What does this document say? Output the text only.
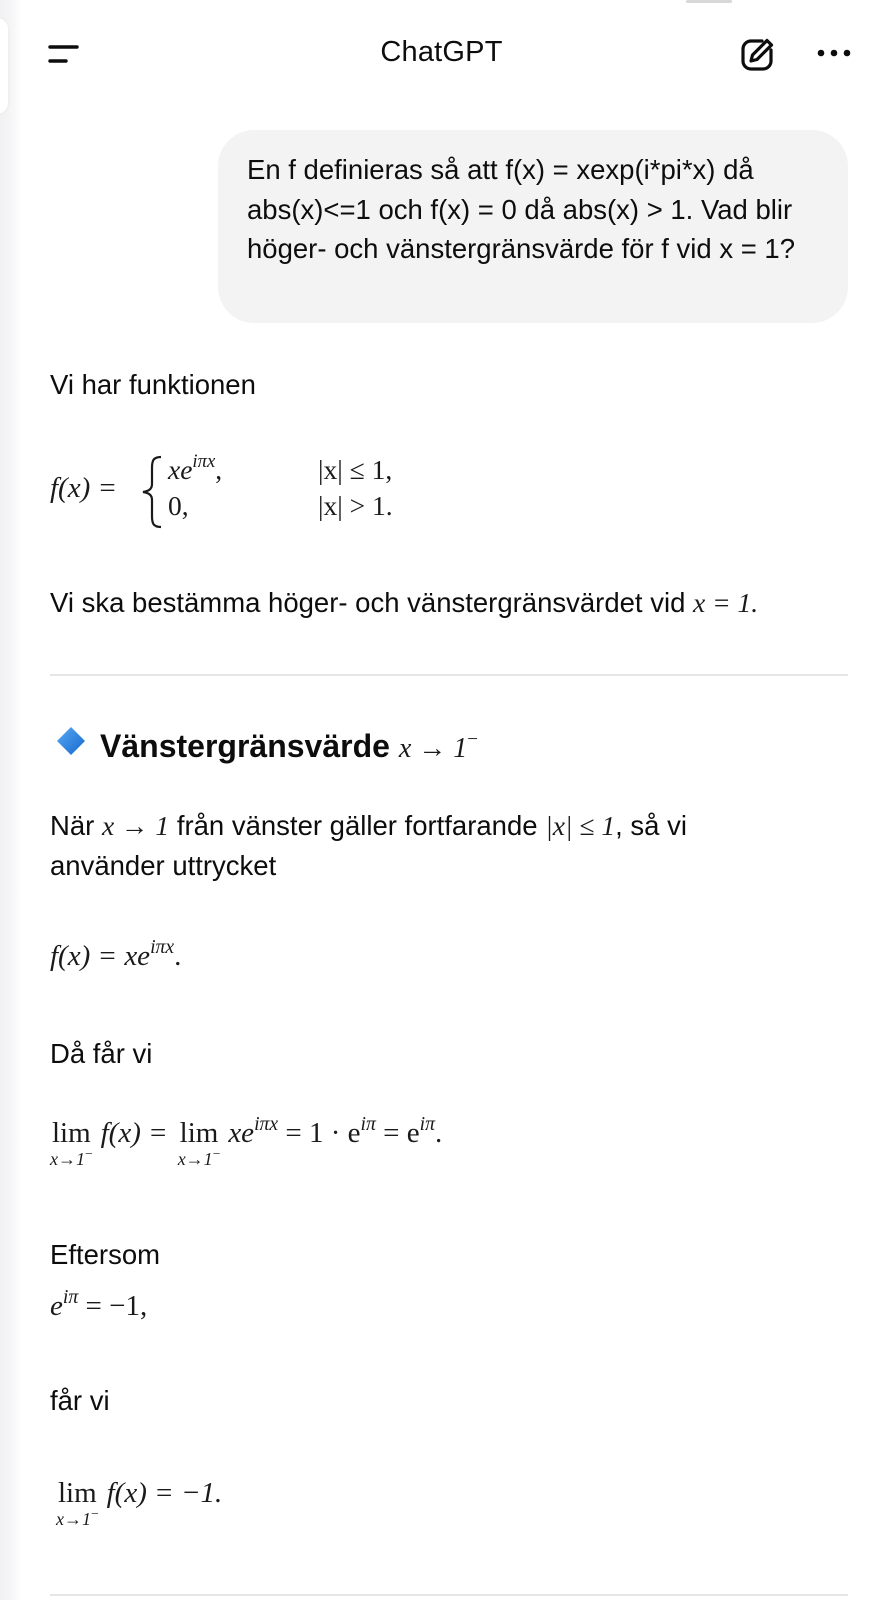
ChatGPT
En f definieras så att f(x) = xexp(i*pi*x) då abs(x)<=1 och f(x) = 0 då abs(x) > 1. Vad blir höger- och vänstergränsvärde för f vid x = 1?
Vi har funktionen
f(x) =
$xe^{i\pi x}$,	|x| ≤ 1,
0,	|x| > 1.
Vi ska bestämma höger- och vänstergränsvärdet vid x = 1.
Vänstergränsvärde x → 1−
När x → 1 från vänster gäller fortfarande |x| ≤ 1, så vi
använder uttrycket
$f(x) = xe^{i\pi x}$.
Då får vi
lim
x→1−
f(x) = lim
x→1−
$xe^{i\pi x} = 1 \cdot e^{i\pi} = e^{i\pi}$.
Eftersom
$e^{i\pi} = -1$,
får vi
lim
x→1−
f(x) = −1.
